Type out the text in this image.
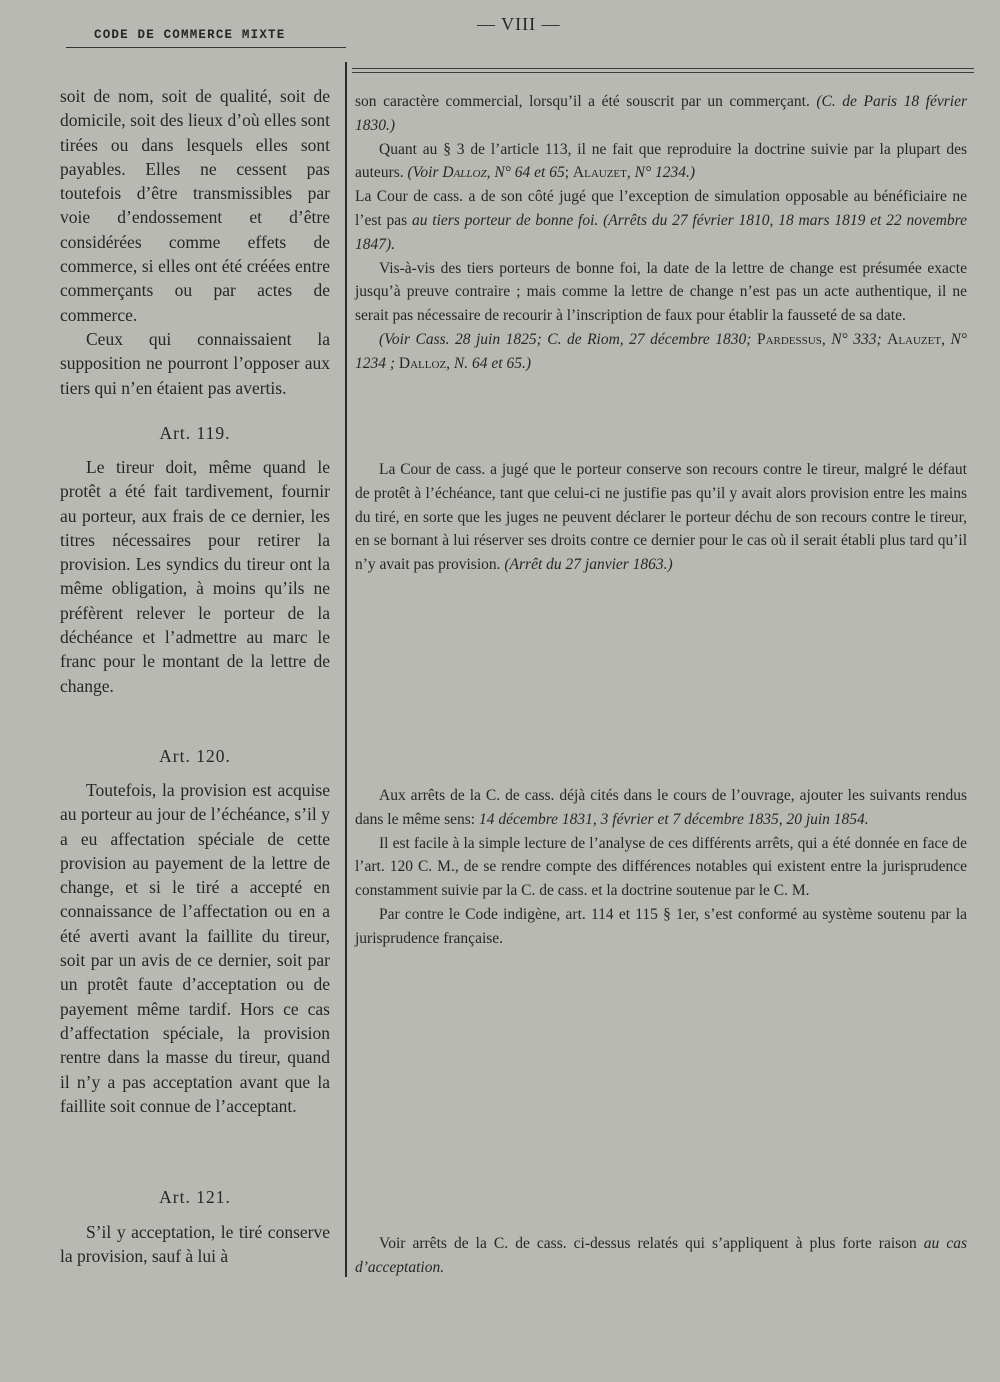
CODE DE COMMERCE MIXTE
— VIII —

soit de nom, soit de qualité, soit de domicile, soit des lieux d’où elles sont tirées ou dans lesquels elles sont payables. Elles ne cessent pas toutefois d’être transmissibles par voie d’endossement et d’être considérées comme effets de commerce, si elles ont été créées entre commerçants ou par actes de commerce.

Ceux qui connaissaient la supposition ne pourront l’opposer aux tiers qui n’en étaient pas avertis.

Art. 119.

Le tireur doit, même quand le protêt a été fait tardivement, fournir au porteur, aux frais de ce dernier, les titres nécessaires pour retirer la provision. Les syndics du tireur ont la même obligation, à moins qu’ils ne préfèrent relever le porteur de la déchéance et l’admettre au marc le franc pour le montant de la lettre de change.

Art. 120.

Toutefois, la provision est acquise au porteur au jour de l’échéance, s’il y a eu affectation spéciale de cette provision au payement de la lettre de change, et si le tiré a accepté en connaissance de l’affectation ou en a été averti avant la faillite du tireur, soit par un avis de ce dernier, soit par un protêt faute d’acceptation ou de payement même tardif. Hors ce cas d’affectation spéciale, la provision rentre dans la masse du tireur, quand il n’y a pas acceptation avant que la faillite soit connue de l’acceptant.

Art. 121.

S’il y acceptation, le tiré conserve la provision, sauf à lui à

son caractère commercial, lorsqu’il a été souscrit par un commerçant. (C. de Paris 18 février 1830.)

Quant au § 3 de l’article 113, il ne fait que reproduire la doctrine suivie par la plupart des auteurs. (Voir Dalloz, N° 64 et 65; Alauzet, N° 1234.)

La Cour de cass. a de son côté jugé que l’exception de simulation opposable au bénéficiaire ne l’est pas au tiers porteur de bonne foi. (Arrêts du 27 février 1810, 18 mars 1819 et 22 novembre 1847).

Vis-à-vis des tiers porteurs de bonne foi, la date de la lettre de change est présumée exacte jusqu’à preuve contraire ; mais comme la lettre de change n’est pas un acte authentique, il ne serait pas nécessaire de recourir à l’inscription de faux pour établir la fausseté de sa date.

(Voir Cass. 28 juin 1825; C. de Riom, 27 décembre 1830; Pardessus, N° 333; Alauzet, N° 1234 ; Dalloz, N. 64 et 65.)

La Cour de cass. a jugé que le porteur conserve son recours contre le tireur, malgré le défaut de protêt à l’échéance, tant que celui-ci ne justifie pas qu’il y avait alors provision entre les mains du tiré, en sorte que les juges ne peuvent déclarer le porteur déchu de son recours contre le tireur, en se bornant à lui réserver ses droits contre ce dernier pour le cas où il serait établi plus tard qu’il n’y avait pas provision. (Arrêt du 27 janvier 1863.)

Aux arrêts de la C. de cass. déjà cités dans le cours de l’ouvrage, ajouter les suivants rendus dans le même sens: 14 décembre 1831, 3 février et 7 décembre 1835, 20 juin 1854.

Il est facile à la simple lecture de l’analyse de ces différents arrêts, qui a été donnée en face de l’art. 120 C. M., de se rendre compte des différences notables qui existent entre la jurisprudence constamment suivie par la C. de cass. et la doctrine soutenue par le C. M.

Par contre le Code indigène, art. 114 et 115 § 1er, s’est conformé au système soutenu par la jurisprudence française.

Voir arrêts de la C. de cass. ci-dessus relatés qui s’appliquent à plus forte raison au cas d’acceptation.
